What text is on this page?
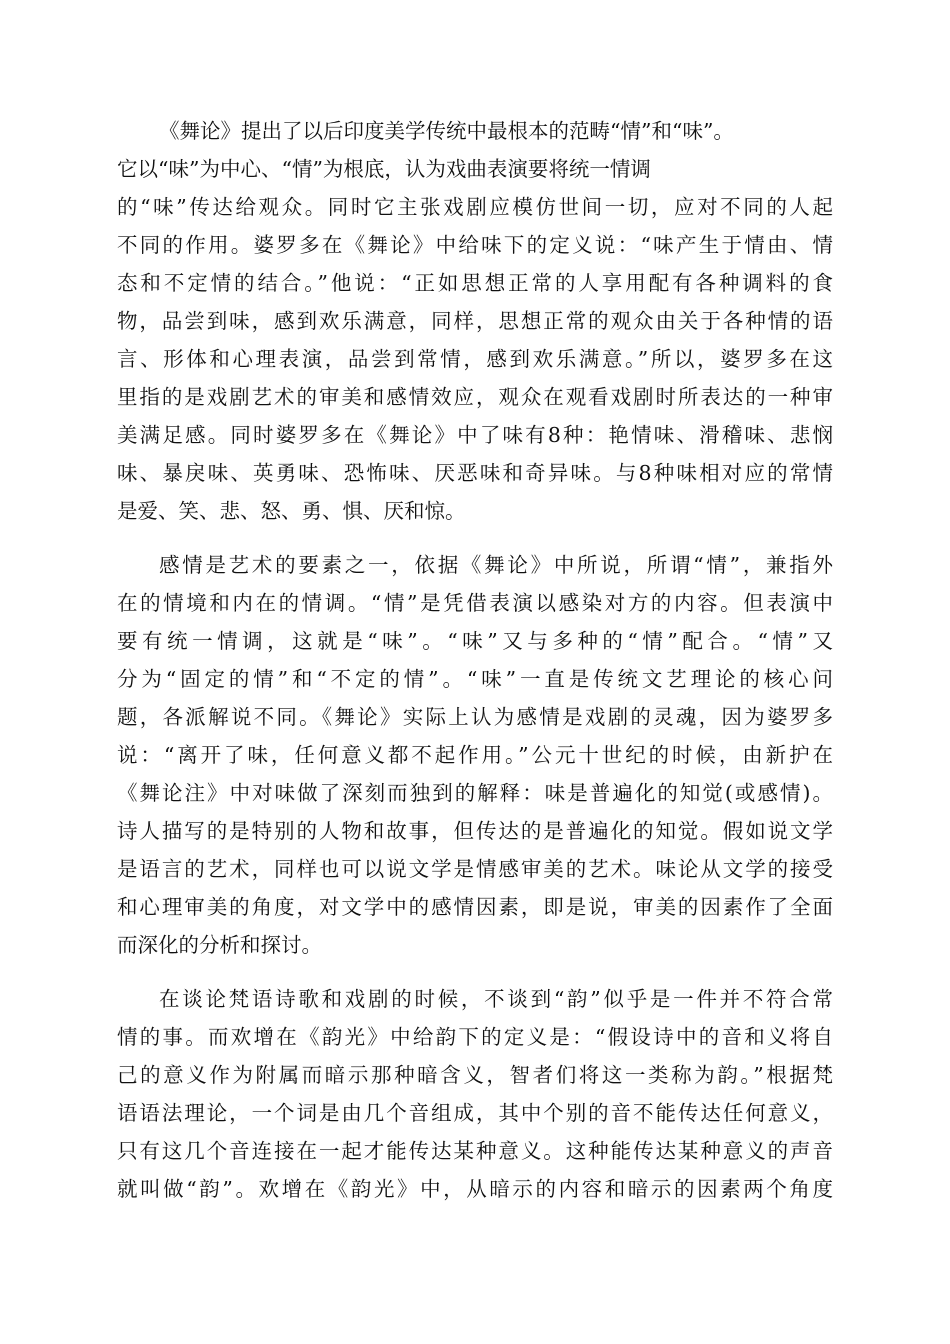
《舞论》提出了以后印度美学传统中最根本的范畴“情”和“味”。
它以“味”为中心、“情”为根底，认为戏曲表演要将统一情调
的“味”传达给观众。同时它主张戏剧应模仿世间一切，应对不同的人起
不同的作用。婆罗多在《舞论》中给味下的定义说：“味产生于情由、情
态和不定情的结合。”他说：“正如思想正常的人享用配有各种调料的食
物，品尝到味，感到欢乐满意，同样，思想正常的观众由关于各种情的语
言、形体和心理表演，品尝到常情，感到欢乐满意。”所以，婆罗多在这
里指的是戏剧艺术的审美和感情效应，观众在观看戏剧时所表达的一种审
美满足感。同时婆罗多在《舞论》中了味有8种：艳情味、滑稽味、悲悯
味、暴戾味、英勇味、恐怖味、厌恶味和奇异味。与8种味相对应的常情
是爱、笑、悲、怒、勇、惧、厌和惊。
感情是艺术的要素之一，依据《舞论》中所说，所谓“情”，兼指外
在的情境和内在的情调。“情”是凭借表演以感染对方的内容。但表演中
要有统一情调，这就是“味”。“味”又与多种的“情”配合。“情”又
分为“固定的情”和“不定的情”。“味”一直是传统文艺理论的核心问
题，各派解说不同。《舞论》实际上认为感情是戏剧的灵魂，因为婆罗多
说：“离开了味，任何意义都不起作用。”公元十世纪的时候，由新护在
《舞论注》中对味做了深刻而独到的解释：味是普遍化的知觉(或感情)。
诗人描写的是特别的人物和故事，但传达的是普遍化的知觉。假如说文学
是语言的艺术，同样也可以说文学是情感审美的艺术。味论从文学的接受
和心理审美的角度，对文学中的感情因素，即是说，审美的因素作了全面
而深化的分析和探讨。
在谈论梵语诗歌和戏剧的时候，不谈到“韵”似乎是一件并不符合常
情的事。而欢增在《韵光》中给韵下的定义是：“假设诗中的音和义将自
己的意义作为附属而暗示那种暗含义，智者们将这一类称为韵。”根据梵
语语法理论，一个词是由几个音组成，其中个别的音不能传达任何意义，
只有这几个音连接在一起才能传达某种意义。这种能传达某种意义的声音
就叫做“韵”。欢增在《韵光》中，从暗示的内容和暗示的因素两个角度
